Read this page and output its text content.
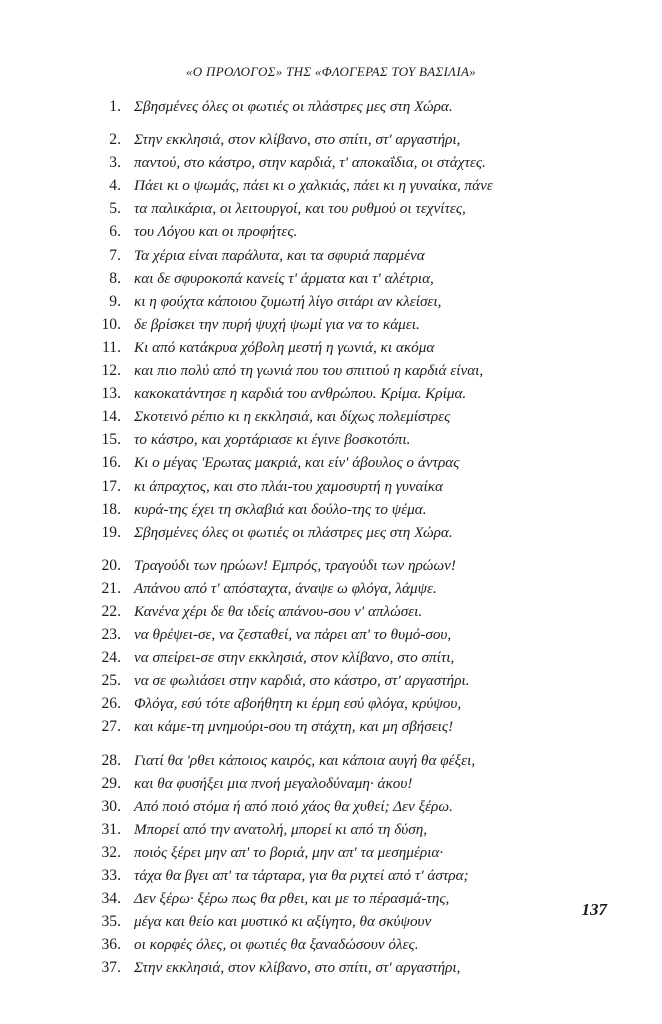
«Ο ΠΡΟΛΟΓΟΣ» ΤΗΣ «ΦΛΟΓΕΡΑΣ ΤΟΥ ΒΑΣΙΛΙΑ»
1. Σβησμένες όλες οι φωτιές οι πλάστρες μες στη Χώρα.
2. Στην εκκλησιά, στον κλίβανο, στο σπίτι, στ' αργαστήρι,
3. παντού, στο κάστρο, στην καρδιά, τ' αποκαΐδια, οι στάχτες.
4. Πάει κι ο ψωμάς, πάει κι ο χαλκιάς, πάει κι η γυναίκα, πάνε
5. τα παλικάρια, οι λειτουργοί, και του ρυθμού οι τεχνίτες,
6. του Λόγου και οι προφήτες.
7. Τα χέρια είναι παράλυτα, και τα σφυριά παρμένα
8. και δε σφυροκοπά κανείς τ' άρματα και τ' αλέτρια,
9. κι η φούχτα κάποιου ζυμωτή λίγο σιτάρι αν κλείσει,
10. δε βρίσκει την πυρή ψυχή ψωμί για να το κάμει.
11. Κι από κατάκρυα χόβολη μεστή η γωνιά, κι ακόμα
12. και πιο πολύ από τη γωνιά που του σπιτιού η καρδιά είναι,
13. κακοκατάντησε η καρδιά του ανθρώπου. Κρίμα. Κρίμα.
14. Σκοτεινό ρέπιο κι η εκκλησιά, και δίχως πολεμίστρες
15. το κάστρο, και χορτάριασε κι έγινε βοσκοτόπι.
16. Κι ο μέγας 'Ερωτας μακριά, και είν' άβουλος ο άντρας
17. κι άπραχτος, και στο πλάι-του χαμοσυρτή η γυναίκα
18. κυρά-της έχει τη σκλαβιά και δούλο-της το ψέμα.
19. Σβησμένες όλες οι φωτιές οι πλάστρες μες στη Χώρα.
20. Τραγούδι των ηρώων! Εμπρός, τραγούδι των ηρώων!
21. Απάνου από τ' απόσταχτα, άναψε ω φλόγα, λάμψε.
22. Κανένα χέρι δε θα ιδείς απάνου-σου ν' απλώσει.
23. να θρέψει-σε, να ζεσταθεί, να πάρει απ' το θυμό-σου,
24. να σπείρει-σε στην εκκλησιά, στον κλίβανο, στο σπίτι,
25. να σε φωλιάσει στην καρδιά, στο κάστρο, στ' αργαστήρι.
26. Φλόγα, εσύ τότε αβοήθητη κι έρμη εσύ φλόγα, κρύψου,
27. και κάμε-τη μνημούρι-σου τη στάχτη, και μη σβήσεις!
28. Γιατί θα 'ρθει κάποιος καιρός, και κάποια αυγή θα φέξει,
29. και θα φυσήξει μια πνοή μεγαλοδύναμη· άκου!
30. Από ποιό στόμα ή από ποιό χάος θα χυθεί; Δεν ξέρω.
31. Μπορεί από την ανατολή, μπορεί κι από τη δύση,
32. ποιός ξέρει μην απ' το βοριά, μην απ' τα μεσημέρια·
33. τάχα θα βγει απ' τα τάρταρα, για θα ριχτεί από τ' άστρα;
34. Δεν ξέρω· ξέρω πως θα ρθει, και με το πέρασμά-της,
35. μέγα και θείο και μυστικό κι αξίγητο, θα σκύψουν
36. οι κορφές όλες, οι φωτιές θα ξαναδώσουν όλες.
37. Στην εκκλησιά, στον κλίβανο, στο σπίτι, στ' αργαστήρι,
137
